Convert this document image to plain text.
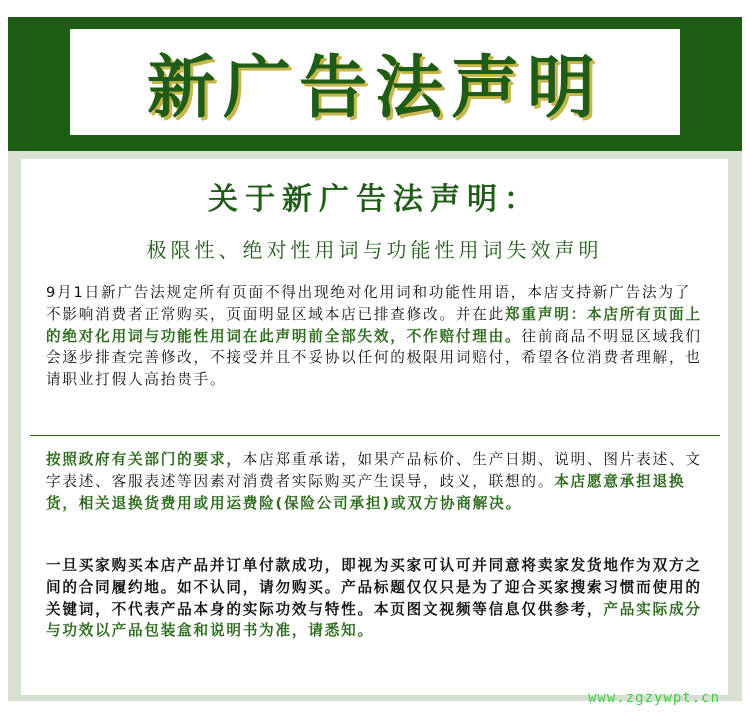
新广告法声明
关于新广告法声明：
极限性、绝对性用词与功能性用词失效声明

9月1日新广告法规定所有页面不得出现绝对化用词和功能性用语，本店支持新广告法为了不影响消费者正常购买，页面明显区域本店已排查修改。并在此郑重声明：本店所有页面上的绝对化用词与功能性用词在此声明前全部失效，不作赔付理由。往前商品不明显区域我们会逐步排查完善修改，不接受并且不妥协以任何的极限用词赔付，希望各位消费者理解，也请职业打假人高抬贵手。

按照政府有关部门的要求，本店郑重承诺，如果产品标价、生产日期、说明、图片表述、文字表述、客服表述等因素对消费者实际购买产生误导，歧义，联想的。本店愿意承担退换货，相关退换货费用或用运费险(保险公司承担)或双方协商解决。

一旦买家购买本店产品并订单付款成功，即视为买家可认可并同意将卖家发货地作为双方之间的合同履约地。如不认同，请勿购买。产品标题仅仅只是为了迎合买家搜索习惯而使用的关键词，不代表产品本身的实际功效与特性。本页图文视频等信息仅供参考，产品实际成分与功效以产品包装盒和说明书为准，请悉知。

www.zgzywpt.cn
